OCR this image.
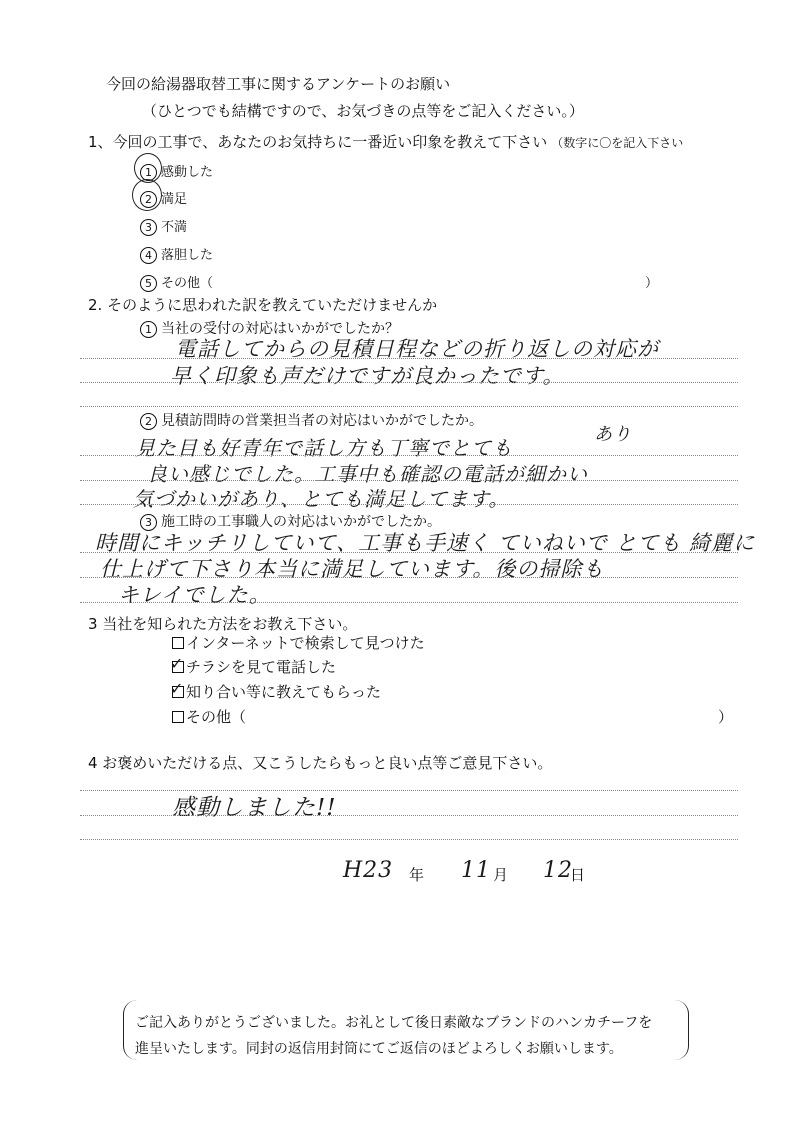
今回の給湯器取替工事に関するアンケートのお願い
（ひとつでも結構ですので、お気づきの点等をご記入ください。）
1、今回の工事で、あなたのお気持ちに一番近い印象を教えて下さい （数字に〇を記入下さい
1 感動した
2 満足
3 不満
4 落胆した
5 その他（	）
2. そのように思われた訳を教えていただけませんか
1 当社の受付の対応はいかがでしたか？
電話してからの見積日程などの折り返しの対応が
早く印象も声だけですが良かったです。
2 見積訪問時の営業担当者の対応はいかがでしたか。
あり
見た目も好青年で話し方も丁寧でとても
良い感じでした。工事中も確認の電話が細かい
気づかいがあり、とても満足してます。
3 施工時の工事職人の対応はいかがでしたか。
時間にキッチリしていて、工事も手速く ていねいで とても 綺麗に
仕上げて下さり本当に満足しています。後の掃除も
キレイでした。
3 当社を知られた方法をお教え下さい。
インターネットで検索して見つけた
✓ チラシを見て電話した
✓ 知り合い等に教えてもらった
その他（	）
4 お褒めいただける点、又こうしたらもっと良い点等ご意見下さい。
感動しました!!
H23 年 11 月 12
日
ご記入ありがとうございました。お礼として後日素敵なブランドのハンカチーフを
進呈いたします。同封の返信用封筒にてご返信のほどよろしくお願いします。
